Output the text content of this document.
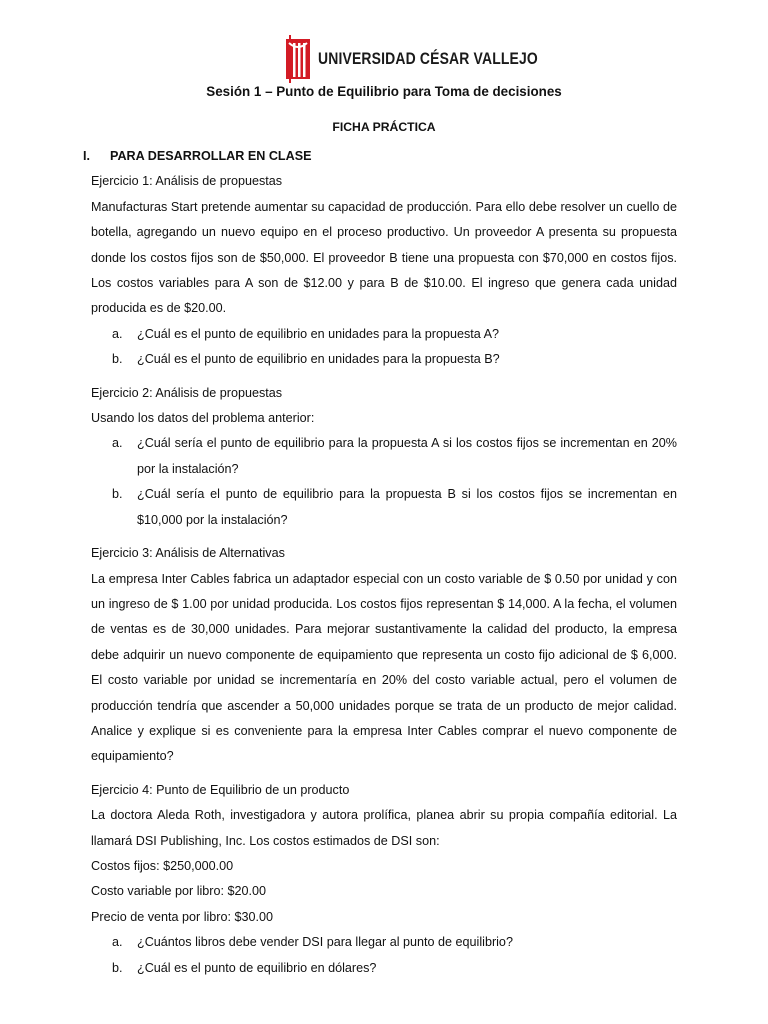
UNIVERSIDAD CÉSAR VALLEJO
Sesión 1 – Punto de Equilibrio para Toma de decisiones
FICHA PRÁCTICA
I. PARA DESARROLLAR EN CLASE

Ejercicio 1: Análisis de propuestas

Manufacturas Start pretende aumentar su capacidad de producción. Para ello debe resolver un cuello de botella, agregando un nuevo equipo en el proceso productivo. Un proveedor A presenta su propuesta donde los costos fijos son de $50,000. El proveedor B tiene una propuesta con $70,000 en costos fijos. Los costos variables para A son de $12.00 y para B de $10.00. El ingreso que genera cada unidad producida es de $20.00.

a. ¿Cuál es el punto de equilibrio en unidades para la propuesta A?
b. ¿Cuál es el punto de equilibrio en unidades para la propuesta B?

Ejercicio 2: Análisis de propuestas

Usando los datos del problema anterior:

a. ¿Cuál sería el punto de equilibrio para la propuesta A si los costos fijos se incrementan en 20% por la instalación?
b. ¿Cuál sería el punto de equilibrio para la propuesta B si los costos fijos se incrementan en $10,000 por la instalación?

Ejercicio 3: Análisis de Alternativas

La empresa Inter Cables fabrica un adaptador especial con un costo variable de $ 0.50 por unidad y con un ingreso de $ 1.00 por unidad producida. Los costos fijos representan $ 14,000. A la fecha, el volumen de ventas es de 30,000 unidades. Para mejorar sustantivamente la calidad del producto, la empresa debe adquirir un nuevo componente de equipamiento que representa un costo fijo adicional de $ 6,000. El costo variable por unidad se incrementaría en 20% del costo variable actual, pero el volumen de producción tendría que ascender a 50,000 unidades porque se trata de un producto de mejor calidad. Analice y explique si es conveniente para la empresa Inter Cables comprar el nuevo componente de equipamiento?

Ejercicio 4: Punto de Equilibrio de un producto

La doctora Aleda Roth, investigadora y autora prolífica, planea abrir su propia compañía editorial. La llamará DSI Publishing, Inc. Los costos estimados de DSI son:

Costos fijos: $250,000.00

Costo variable por libro: $20.00

Precio de venta por libro: $30.00

a. ¿Cuántos libros debe vender DSI para llegar al punto de equilibrio?
b. ¿Cuál es el punto de equilibrio en dólares?
